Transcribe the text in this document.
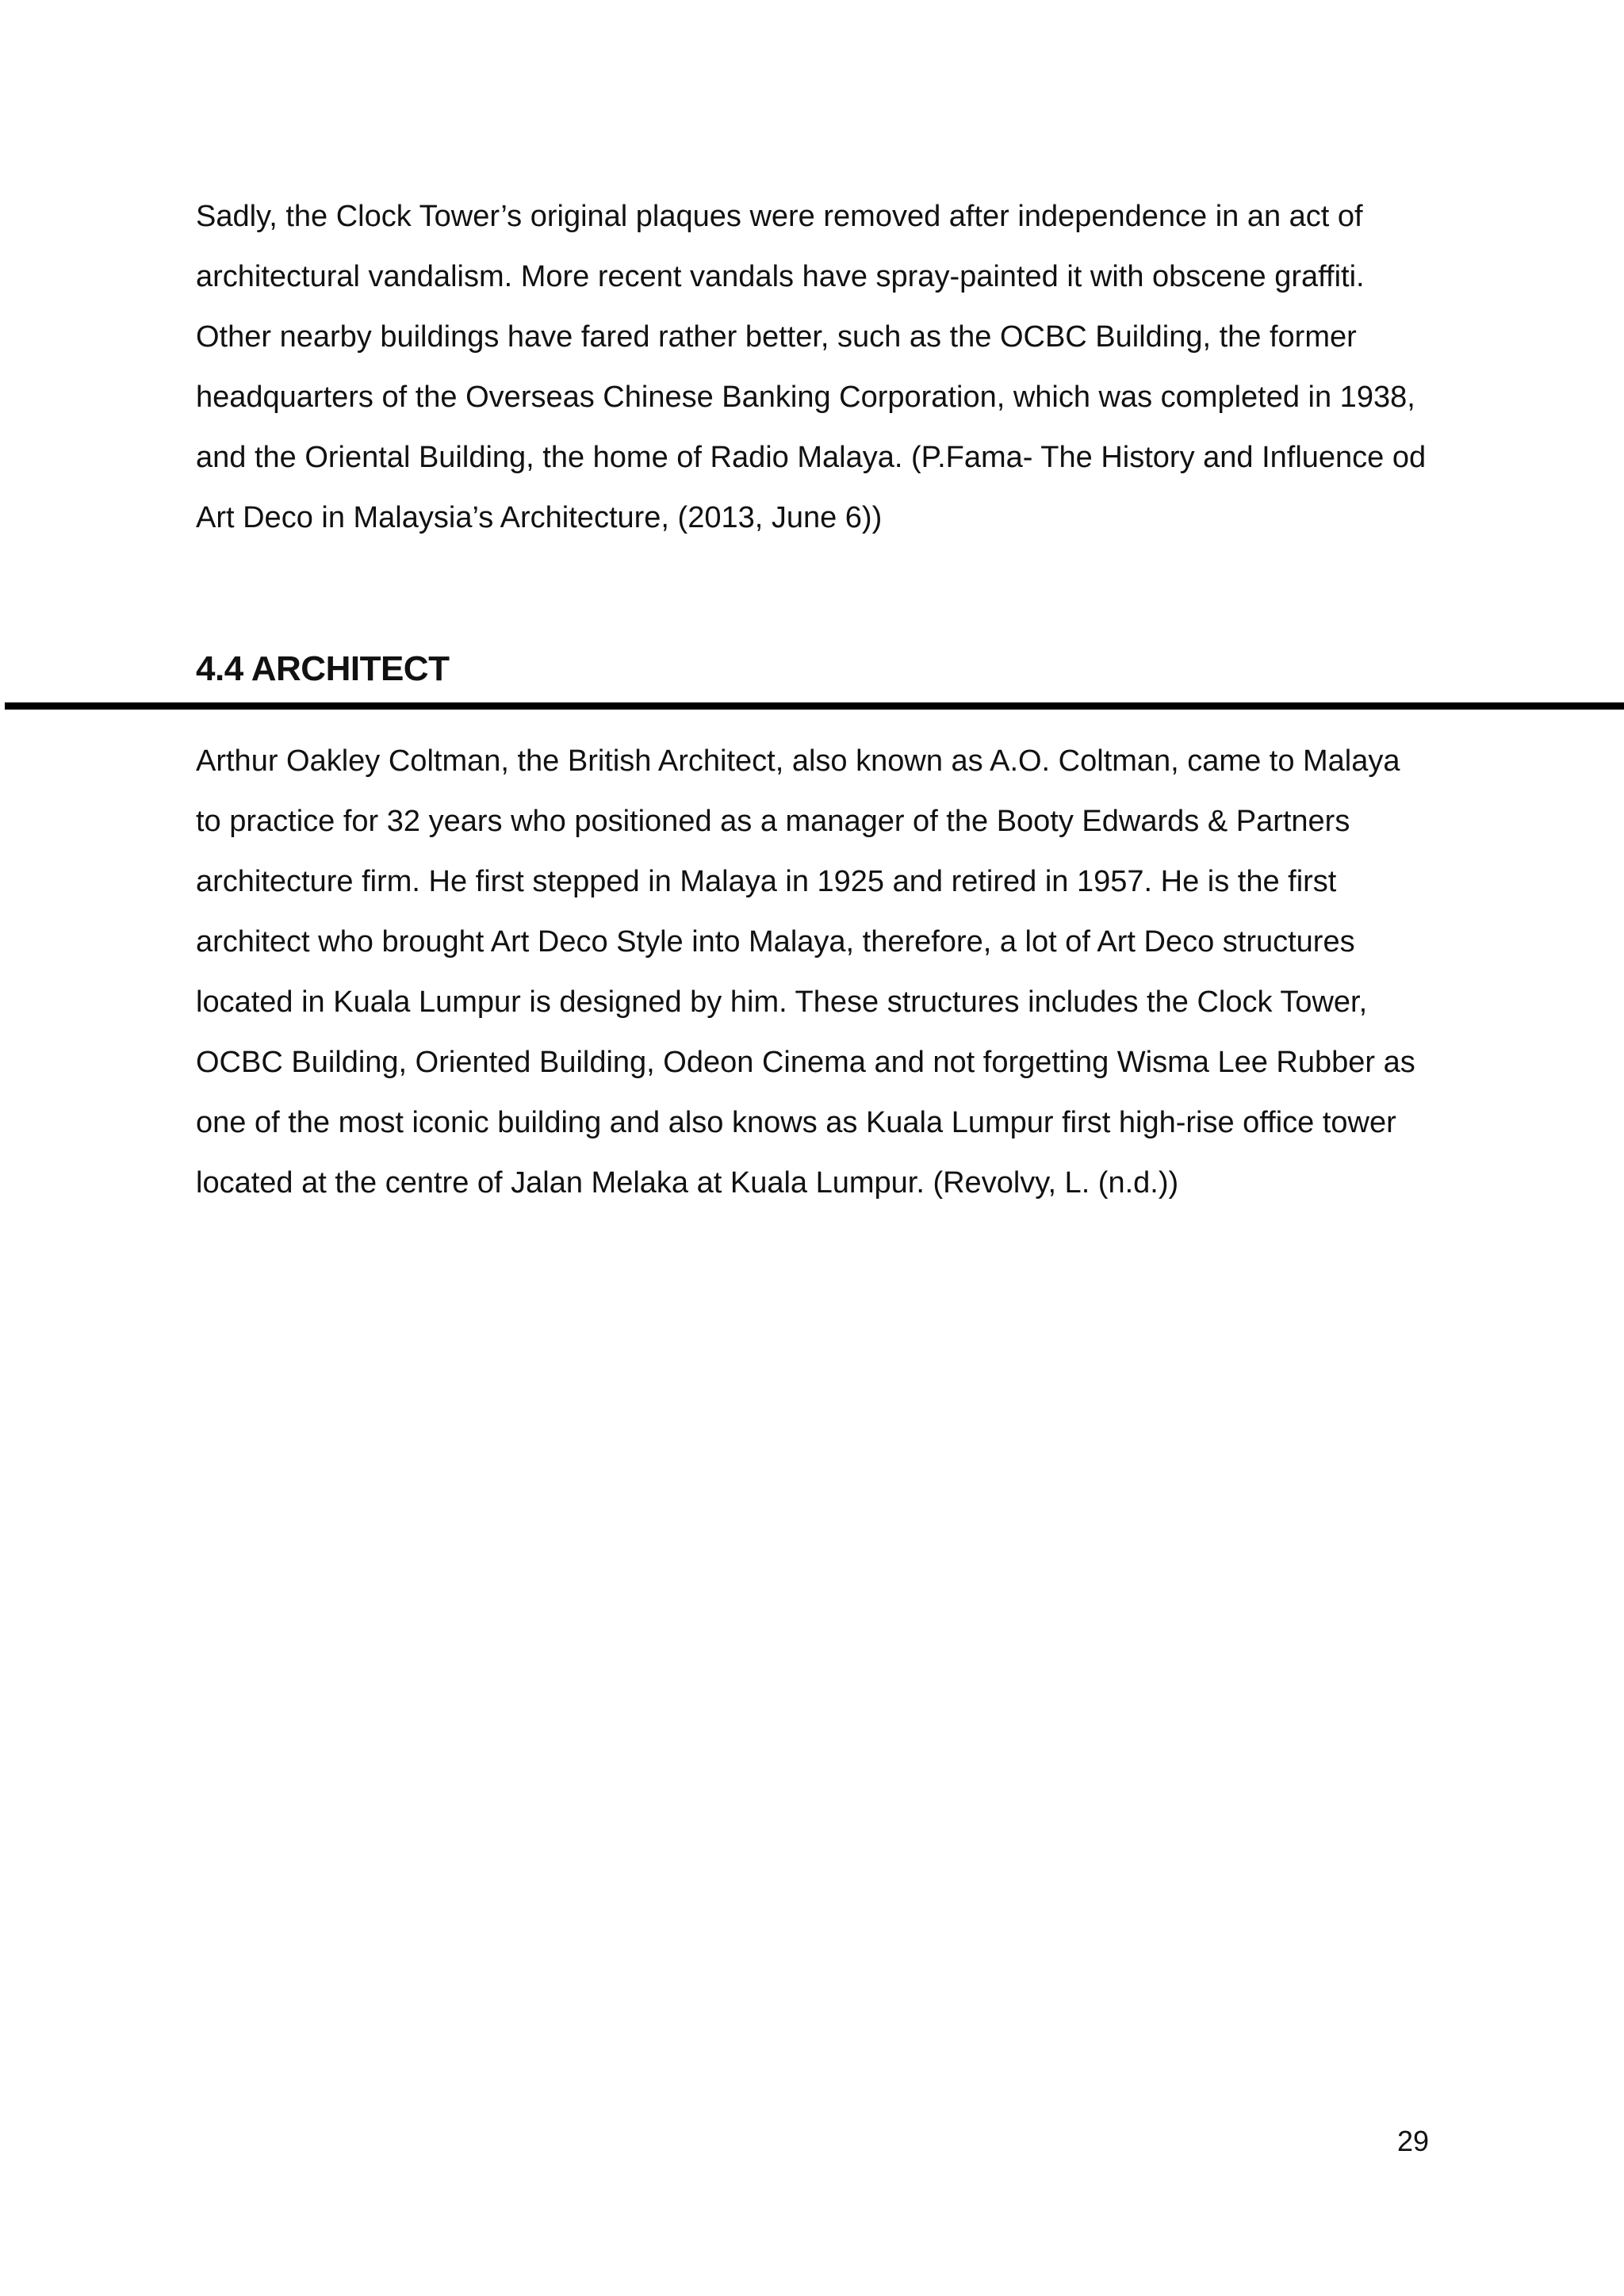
Sadly, the Clock Tower’s original plaques were removed after independence in an act of
architectural vandalism. More recent vandals have spray-painted it with obscene graffiti.
Other nearby buildings have fared rather better, such as the OCBC Building, the former
headquarters of the Overseas Chinese Banking Corporation, which was completed in 1938,
and the Oriental Building, the home of Radio Malaya. (P.Fama- The History and Influence od
Art Deco in Malaysia’s Architecture, (2013, June 6))
4.4 ARCHITECT
Arthur Oakley Coltman, the British Architect, also known as A.O. Coltman, came to Malaya
to practice for 32 years who positioned as a manager of the Booty Edwards & Partners
architecture firm. He first stepped in Malaya in 1925 and retired in 1957. He is the first
architect who brought Art Deco Style into Malaya, therefore, a lot of Art Deco structures
located in Kuala Lumpur is designed by him. These structures includes the Clock Tower,
OCBC Building, Oriented Building, Odeon Cinema and not forgetting Wisma Lee Rubber as
one of the most iconic building and also knows as Kuala Lumpur first high-rise office tower
located at the centre of Jalan Melaka at Kuala Lumpur. (Revolvy, L. (n.d.))
29
